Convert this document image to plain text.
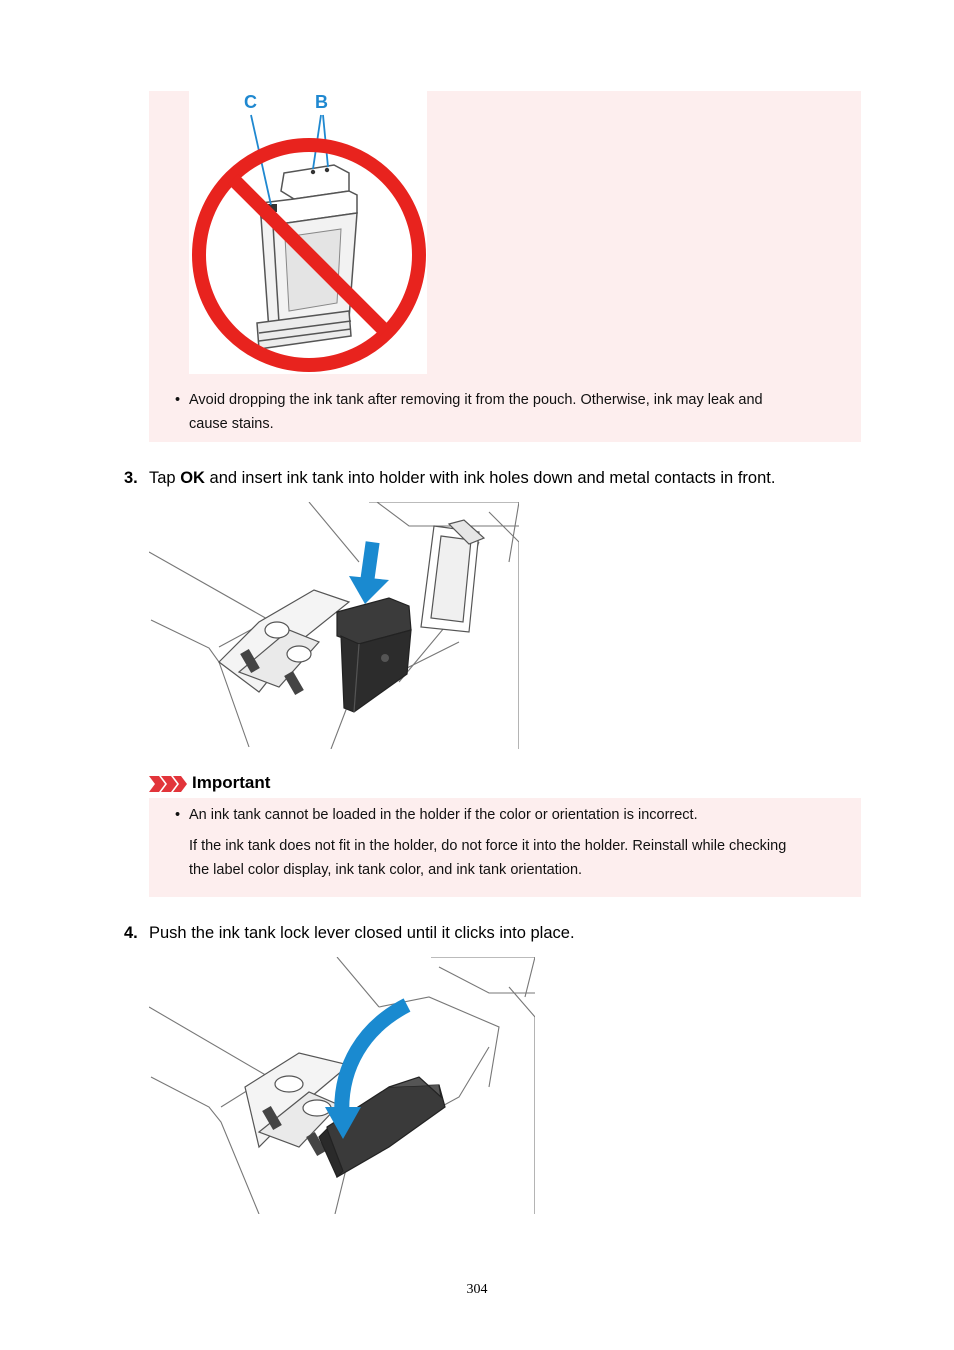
C	B
• Avoid dropping the ink tank after removing it from the pouch. Otherwise, ink may leak and
cause stains.
3. Tap OK and insert ink tank into holder with ink holes down and metal contacts in front.
Important
• An ink tank cannot be loaded in the holder if the color or orientation is incorrect.
If the ink tank does not fit in the holder, do not force it into the holder. Reinstall while checking
the label color display, ink tank color, and ink tank orientation.
4. Push the ink tank lock lever closed until it clicks into place.
304
